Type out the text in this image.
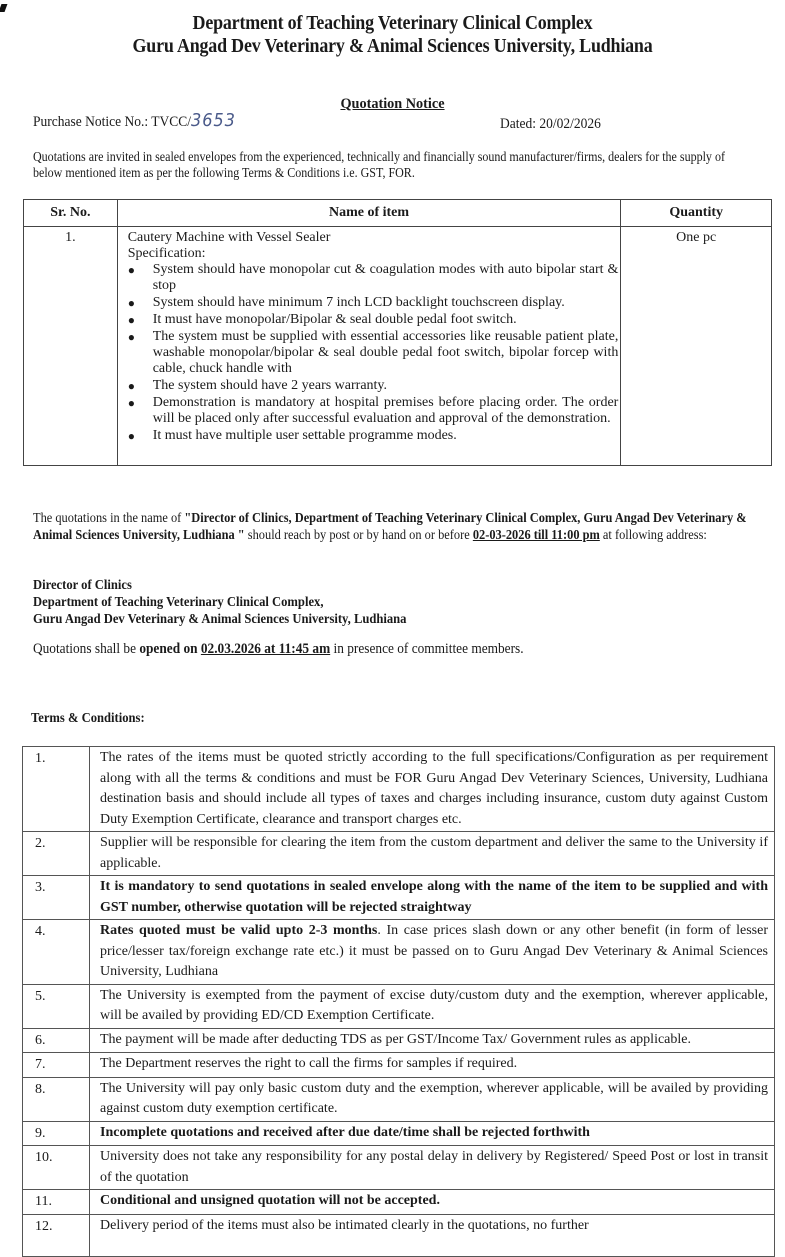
Department of Teaching Veterinary Clinical Complex
Guru Angad Dev Veterinary & Animal Sciences University, Ludhiana
Quotation Notice
Purchase Notice No.: TVCC/3653	Dated: 20/02/2026
Quotations are invited in sealed envelopes from the experienced, technically and financially sound manufacturer/firms, dealers for the supply of below mentioned item as per the following Terms & Conditions i.e. GST, FOR.
Sr. No.	Name of item	Quantity
1.	Cautery Machine with Vessel Sealer
Specification:
● System should have monopolar cut & coagulation modes with auto bipolar start & stop
● System should have minimum 7 inch LCD backlight touchscreen display.
● It must have monopolar/Bipolar & seal double pedal foot switch.
● The system must be supplied with essential accessories like reusable patient plate, washable monopolar/bipolar & seal double pedal foot switch, bipolar forcep with cable, chuck handle with
● The system should have 2 years warranty.
● Demonstration is mandatory at hospital premises before placing order. The order will be placed only after successful evaluation and approval of the demonstration.
● It must have multiple user settable programme modes.
	One pc
The quotations in the name of "Director of Clinics, Department of Teaching Veterinary Clinical Complex, Guru Angad Dev Veterinary & Animal Sciences University, Ludhiana " should reach by post or by hand on or before 02-03-2026 till 11:00 pm at following address:
Director of Clinics
Department of Teaching Veterinary Clinical Complex,
Guru Angad Dev Veterinary & Animal Sciences University, Ludhiana
Quotations shall be opened on 02.03.2026 at 11:45 am in presence of committee members.
Terms & Conditions:
1.	The rates of the items must be quoted strictly according to the full specifications/Configuration as per requirement along with all the terms & conditions and must be FOR Guru Angad Dev Veterinary Sciences, University, Ludhiana destination basis and should include all types of taxes and charges including insurance, custom duty against Custom Duty Exemption Certificate, clearance and transport charges etc.
2.	Supplier will be responsible for clearing the item from the custom department and deliver the same to the University if applicable.
3.	It is mandatory to send quotations in sealed envelope along with the name of the item to be supplied and with GST number, otherwise quotation will be rejected straightway
4.	Rates quoted must be valid upto 2-3 months. In case prices slash down or any other benefit (in form of lesser price/lesser tax/foreign exchange rate etc.) it must be passed on to Guru Angad Dev Veterinary & Animal Sciences University, Ludhiana
5.	The University is exempted from the payment of excise duty/custom duty and the exemption, wherever applicable, will be availed by providing ED/CD Exemption Certificate.
6.	The payment will be made after deducting TDS as per GST/Income Tax/ Government rules as applicable.
7.	The Department reserves the right to call the firms for samples if required.
8.	The University will pay only basic custom duty and the exemption, wherever applicable, will be availed by providing against custom duty exemption certificate.
9.	Incomplete quotations and received after due date/time shall be rejected forthwith
10.	University does not take any responsibility for any postal delay in delivery by Registered/ Speed Post or lost in transit of the quotation
11.	Conditional and unsigned quotation will not be accepted.
12.	Delivery period of the items must also be intimated clearly in the quotations, no further
